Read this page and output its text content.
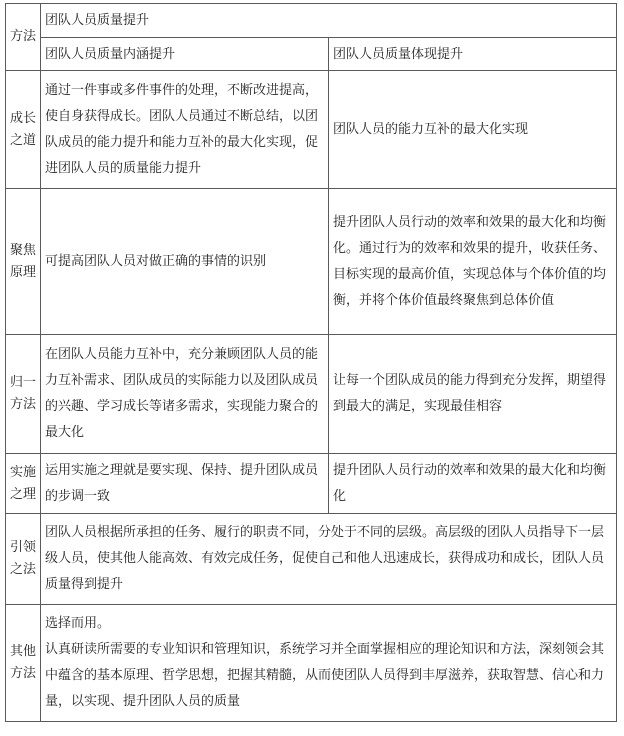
方法	团队人员质量提升	
	团队人员质量内涵提升	团队人员质量体现提升
成长之道	通过一件事或多件事件的处理，不断改进提高，使自身获得成长。团队人员通过不断总结，以团队成员的能力提升和能力互补的最大化实现，促进团队人员的质量能力提升	团队人员的能力互补的最大化实现
聚焦原理	可提高团队人员对做正确的事情的识别	提升团队人员行动的效率和效果的最大化和均衡化。通过行为的效率和效果的提升，收获任务、目标实现的最高价值，实现总体与个体价值的均衡，并将个体价值最终聚焦到总体价值
归一方法	在团队人员能力互补中，充分兼顾团队人员的能力互补需求、团队成员的实际能力以及团队成员的兴趣、学习成长等诸多需求，实现能力聚合的最大化	让每一个团队成员的能力得到充分发挥，期望得到最大的满足，实现最佳相容
实施之理	运用实施之理就是要实现、保持、提升团队成员的步调一致	提升团队人员行动的效率和效果的最大化和均衡化
引领之法	团队人员根据所承担的任务、履行的职责不同，分处于不同的层级。高层级的团队人员指导下一层级人员，使其他人能高效、有效完成任务，促使自己和他人迅速成长，获得成功和成长，团队人员质量得到提升	
其他方法	选择而用。
认真研读所需要的专业知识和管理知识，系统学习并全面掌握相应的理论知识和方法，深刻领会其中蕴含的基本原理、哲学思想，把握其精髓，从而使团队人员得到丰厚滋养，获取智慧、信心和力量，以实现、提升团队人员的质量	
